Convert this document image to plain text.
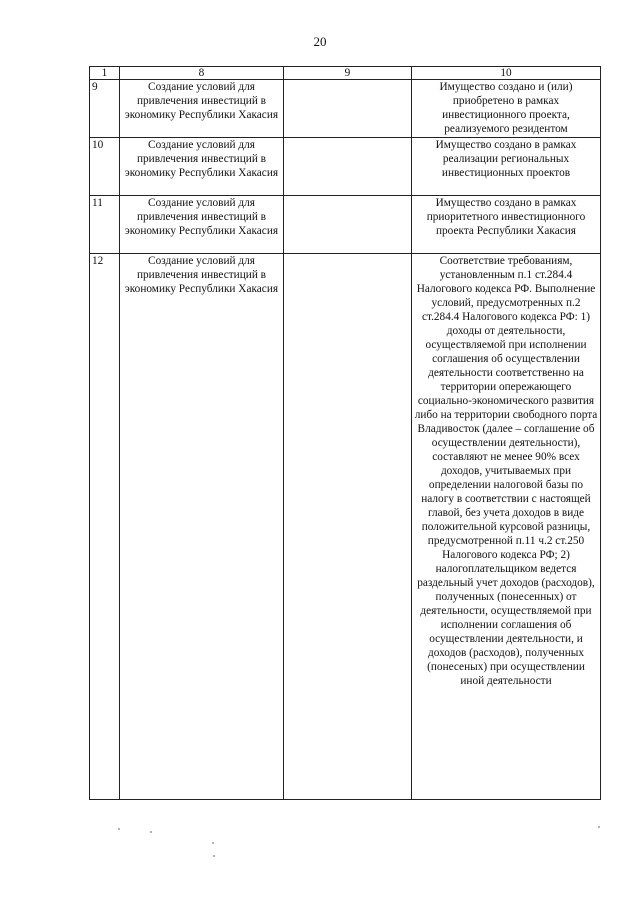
20
1	8	9	10
9	Создание условий для привлечения инвестиций в экономику Республики Хакасия		Имущество создано и (или) приобретено в рамках инвестиционного проекта, реализуемого резидентом
10	Создание условий для привлечения инвестиций в экономику Республики Хакасия		Имущество создано в рамках реализации региональных инвестиционных проектов
11	Создание условий для привлечения инвестиций в экономику Республики Хакасия		Имущество создано в рамках приоритетного инвестиционного проекта Республики Хакасия
12	Создание условий для привлечения инвестиций в экономику Республики Хакасия		Соответствие требованиям, установленным п.1 ст.284.4 Налогового кодекса РФ. Выполнение условий, предусмотренных п.2 ст.284.4 Налогового кодекса РФ: 1) доходы от деятельности, осуществляемой при исполнении соглашения об осуществлении деятельности соответственно на территории опережающего социально-экономического развития либо на территории свободного порта Владивосток (далее – соглашение об осуществлении деятельности), составляют не менее 90% всех доходов, учитываемых при определении налоговой базы по налогу в соответствии с настоящей главой, без учета доходов в виде положительной курсовой разницы, предусмотренной п.11 ч.2 ст.250 Налогового кодекса РФ; 2) налогоплательщиком ведется раздельный учет доходов (расходов), полученных (понесенных) от деятельности, осуществляемой при исполнении соглашения об осуществлении деятельности, и доходов (расходов), полученных (понесеных) при осуществлении иной деятельности
